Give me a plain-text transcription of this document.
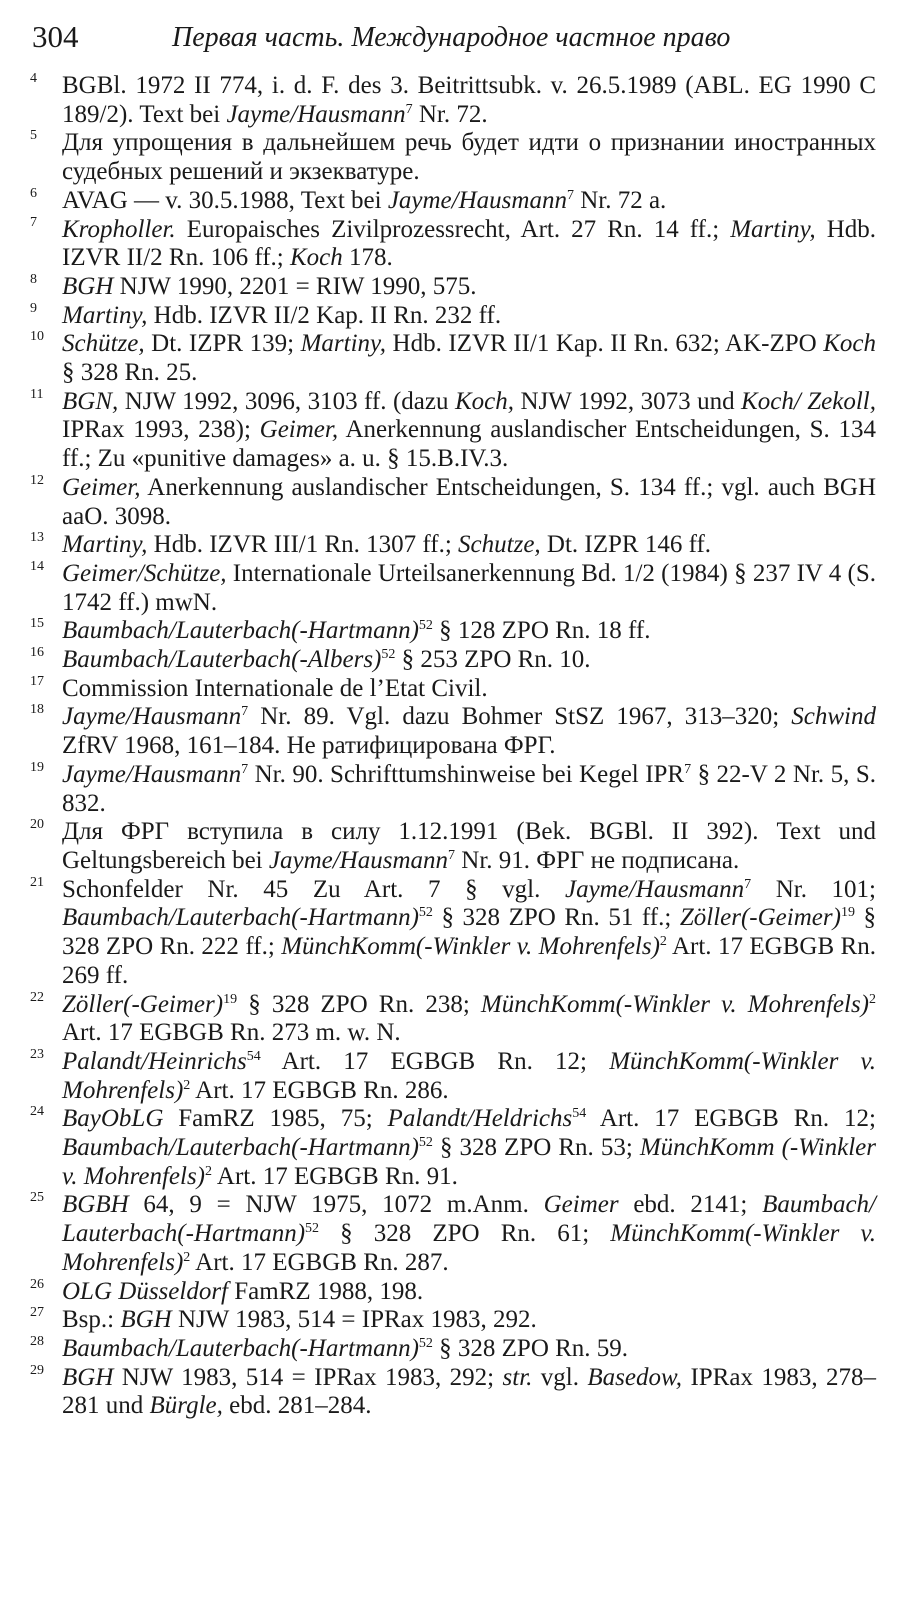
304	Первая часть. Международное частное право
4	BGBl. 1972 II 774, i. d. F. des 3. Beitrittsubk. v. 26.5.1989 (ABL. EG 1990 C 189/2). Text bei Jayme/Hausmann$^7$ Nr. 72.
5	Для упрощения в дальнейшем речь будет идти о признании иностранных судебных решений и экзекватуре.
6	AVAG — v. 30.5.1988, Text bei Jayme/Hausmann$^7$ Nr. 72 a.
7	Kropholler. Europaisches Zivilprozessrecht, Art. 27 Rn. 14 ff.; Martiny, Hdb. IZVR II/2 Rn. 106 ff.; Koch 178.
8	BGH NJW 1990, 2201 = RIW 1990, 575.
9	Martiny, Hdb. IZVR II/2 Kap. II Rn. 232 ff.
10 Schütze, Dt. IZPR 139; Martiny, Hdb. IZVR II/1 Kap. II Rn. 632; AK-ZPO Koch § 328 Rn. 25.
11 BGN, NJW 1992, 3096, 3103 ff. (dazu Koch, NJW 1992, 3073 und Koch/ Zekoll, IPRax 1993, 238); Geimer, Anerkennung auslandischer Entscheidungen, S. 134 ff.; Zu «punitive damages» a. u. § 15.B.IV.3.
12 Geimer, Anerkennung auslandischer Entscheidungen, S. 134 ff.; vgl. auch BGH aaO. 3098.
13 Martiny, Hdb. IZVR III/1 Rn. 1307 ff.; Schutze, Dt. IZPR 146 ff.
14 Geimer/Schütze, Internationale Urteilsanerkennung Bd. 1/2 (1984) § 237 IV 4 (S. 1742 ff.) mwN.
15 Baumbach/Lauterbach(-Hartmann)$^{52}$ § 128 ZPO Rn. 18 ff.
16 Baumbach/Lauterbach(-Albers)$^{52}$ § 253 ZPO Rn. 10.
17 Commission Internationale de l’Etat Civil.
18 Jayme/Hausmann$^7$ Nr. 89. Vgl. dazu Bohmer StSZ 1967, 313–320; Schwind ZfRV 1968, 161–184. Не ратифицирована ФРГ.
19 Jayme/Hausmann$^7$ Nr. 90. Schrifttumshinweise bei Kegel IPR$^7$ § 22-V 2 Nr. 5, S. 832.
20 Для ФРГ вступила в силу 1.12.1991 (Bek. BGBl. II 392). Text und Geltungsbereich bei Jayme/Hausmann$^7$ Nr. 91. ФРГ не подписана.
21 Schonfelder Nr. 45 Zu Art. 7 § vgl. Jayme/Hausmann$^7$ Nr. 101; Baumbach/Lauterbach(-Hartmann)$^{52}$ § 328 ZPO Rn. 51 ff.; Zöller(-Geimer)$^{19}$ § 328 ZPO Rn. 222 ff.; MünchKomm(-Winkler v. Mohrenfels)$^2$ Art. 17 EGBGB Rn. 269 ff.
22 Zöller(-Geimer)$^{19}$ § 328 ZPO Rn. 238; MünchKomm(-Winkler v. Mohrenfels)$^2$ Art. 17 EGBGB Rn. 273 m. w. N.
23 Palandt/Heinrichs$^{54}$ Art. 17 EGBGB Rn. 12; MünchKomm(-Winkler v. Mohrenfels)$^2$ Art. 17 EGBGB Rn. 286.
24 BayObLG FamRZ 1985, 75; Palandt/Heldrichs$^{54}$ Art. 17 EGBGB Rn. 12; Baumbach/Lauterbach(-Hartmann)$^{52}$ § 328 ZPO Rn. 53; MünchKomm (-Winkler v. Mohrenfels)$^2$ Art. 17 EGBGB Rn. 91.
25 BGBH 64, 9 = NJW 1975, 1072 m.Anm. Geimer ebd. 2141; Baumbach/ Lauterbach(-Hartmann)$^{52}$ § 328 ZPO Rn. 61; MünchKomm(-Winkler v. Mohrenfels)$^2$ Art. 17 EGBGB Rn. 287.
26 OLG Düsseldorf FamRZ 1988, 198.
27 Bsp.: BGH NJW 1983, 514 = IPRax 1983, 292.
28 Baumbach/Lauterbach(-Hartmann)$^{52}$ § 328 ZPO Rn. 59.
29 BGH NJW 1983, 514 = IPRax 1983, 292; str. vgl. Basedow, IPRax 1983, 278–281 und Bürgle, ebd. 281–284.
